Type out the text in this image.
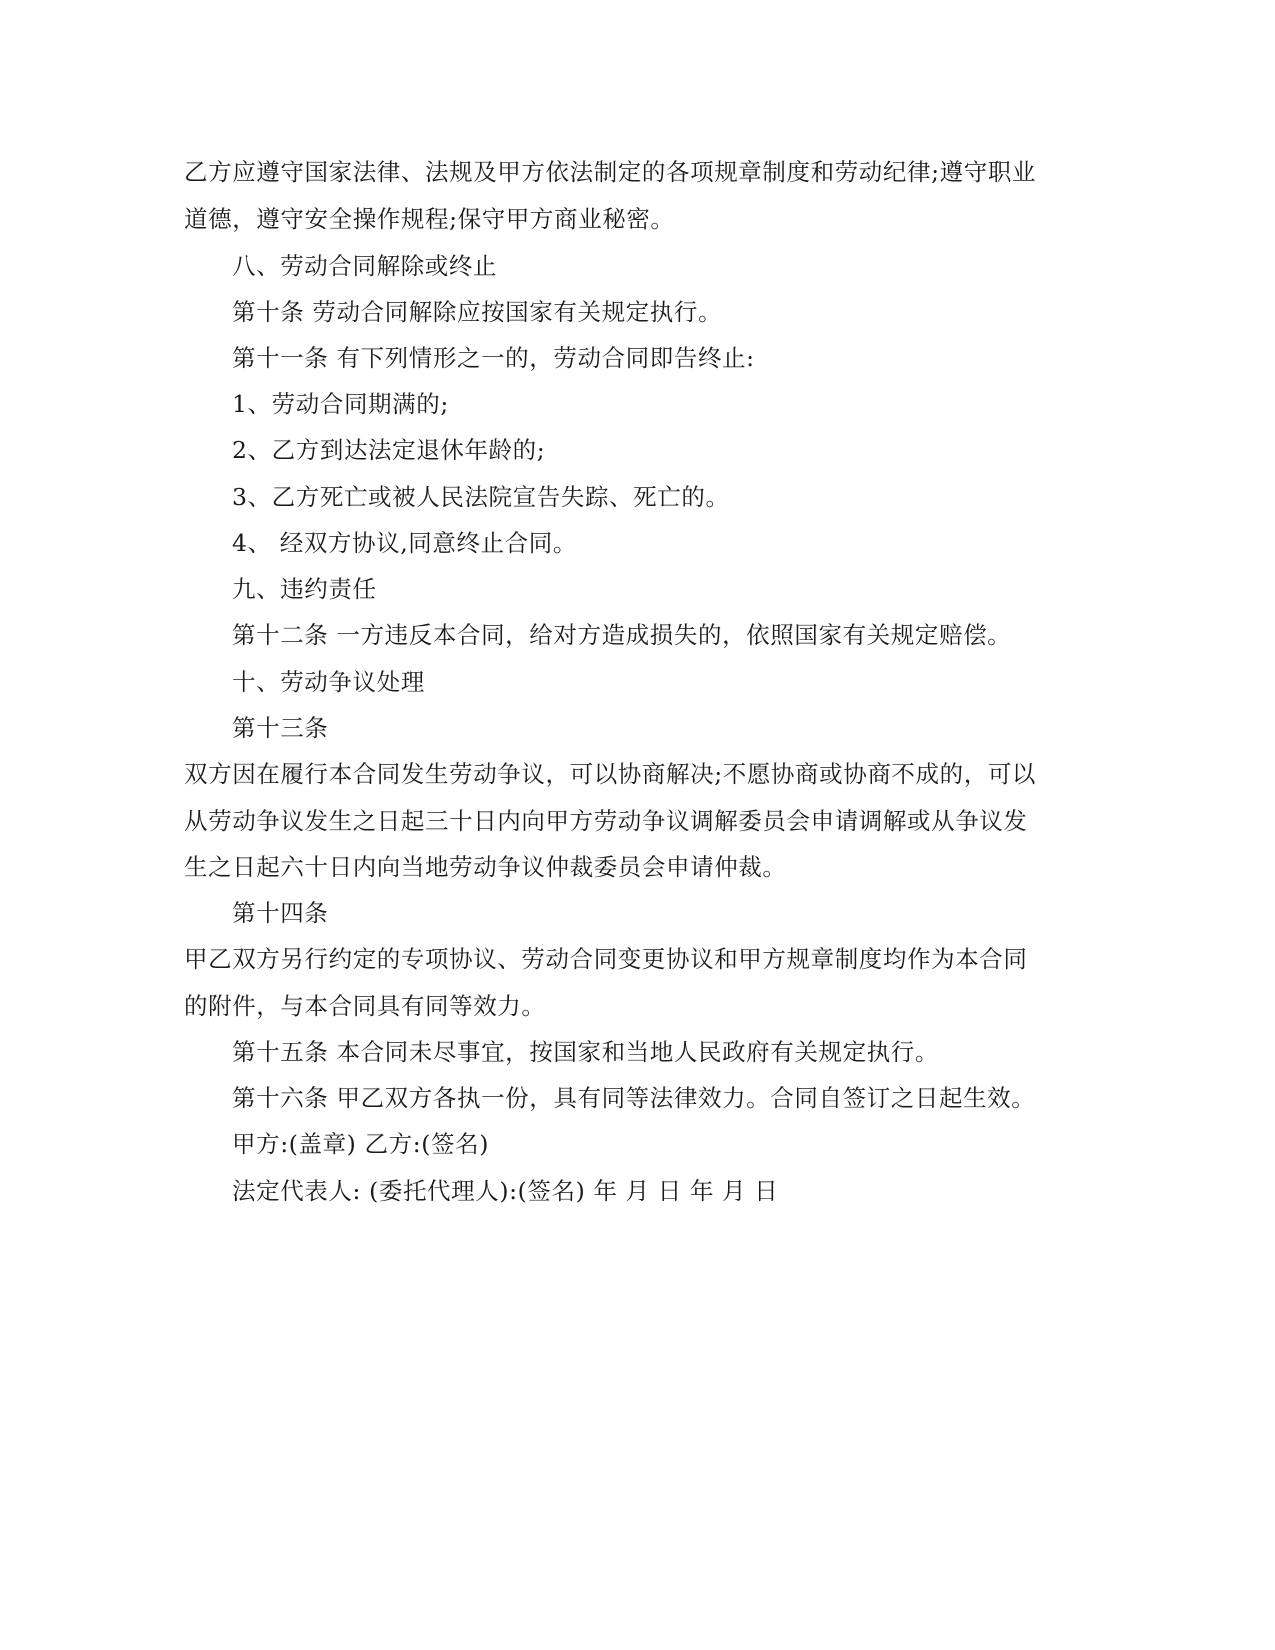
乙方应遵守国家法律、法规及甲方依法制定的各项规章制度和劳动纪律;遵守职业
道德，遵守安全操作规程;保守甲方商业秘密。
八、劳动合同解除或终止
第十条 劳动合同解除应按国家有关规定执行。
第十一条 有下列情形之一的，劳动合同即告终止:
1、劳动合同期满的;
2、乙方到达法定退休年龄的;
3、乙方死亡或被人民法院宣告失踪、死亡的。
4、 经双方协议,同意终止合同。
九、违约责任
第十二条 一方违反本合同，给对方造成损失的，依照国家有关规定赔偿。
十、劳动争议处理
第十三条
双方因在履行本合同发生劳动争议，可以协商解决;不愿协商或协商不成的，可以
从劳动争议发生之日起三十日内向甲方劳动争议调解委员会申请调解或从争议发
生之日起六十日内向当地劳动争议仲裁委员会申请仲裁。
第十四条
甲乙双方另行约定的专项协议、劳动合同变更协议和甲方规章制度均作为本合同
的附件，与本合同具有同等效力。
第十五条 本合同未尽事宜，按国家和当地人民政府有关规定执行。
第十六条 甲乙双方各执一份，具有同等法律效力。合同自签订之日起生效。
甲方:(盖章) 乙方:(签名)
法定代表人: (委托代理人):(签名) 年 月 日 年 月 日
